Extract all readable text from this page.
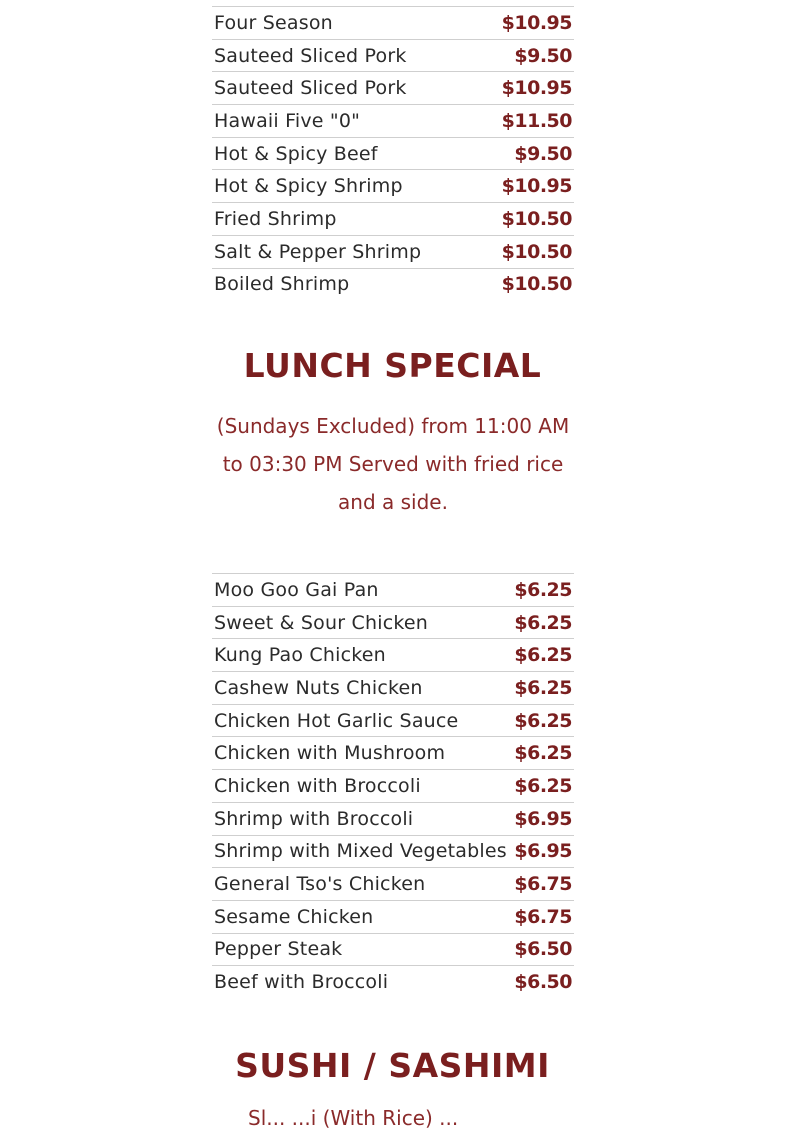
Four Season	$10.95
Sauteed Sliced Pork	$9.50
Sauteed Sliced Pork	$10.95
Hawaii Five "0"	$11.50
Hot & Spicy Beef	$9.50
Hot & Spicy Shrimp	$10.95
Fried Shrimp	$10.50
Salt & Pepper Shrimp	$10.50
Boiled Shrimp	$10.50
LUNCH SPECIAL

(Sundays Excluded) from 11:00 AM to 03:30 PM Served with fried rice and a side.

Moo Goo Gai Pan	$6.25
Sweet & Sour Chicken	$6.25
Kung Pao Chicken	$6.25
Cashew Nuts Chicken	$6.25
Chicken Hot Garlic Sauce	$6.25
Chicken with Mushroom	$6.25
Chicken with Broccoli	$6.25
Shrimp with Broccoli	$6.95
Shrimp with Mixed Vegetables $6.95
General Tso's Chicken	$6.75
Sesame Chicken	$6.75
Pepper Steak	$6.50
Beef with Broccoli	$6.50
SUSHI / SASHIMI
Sl... ...i (With Rice) ...
